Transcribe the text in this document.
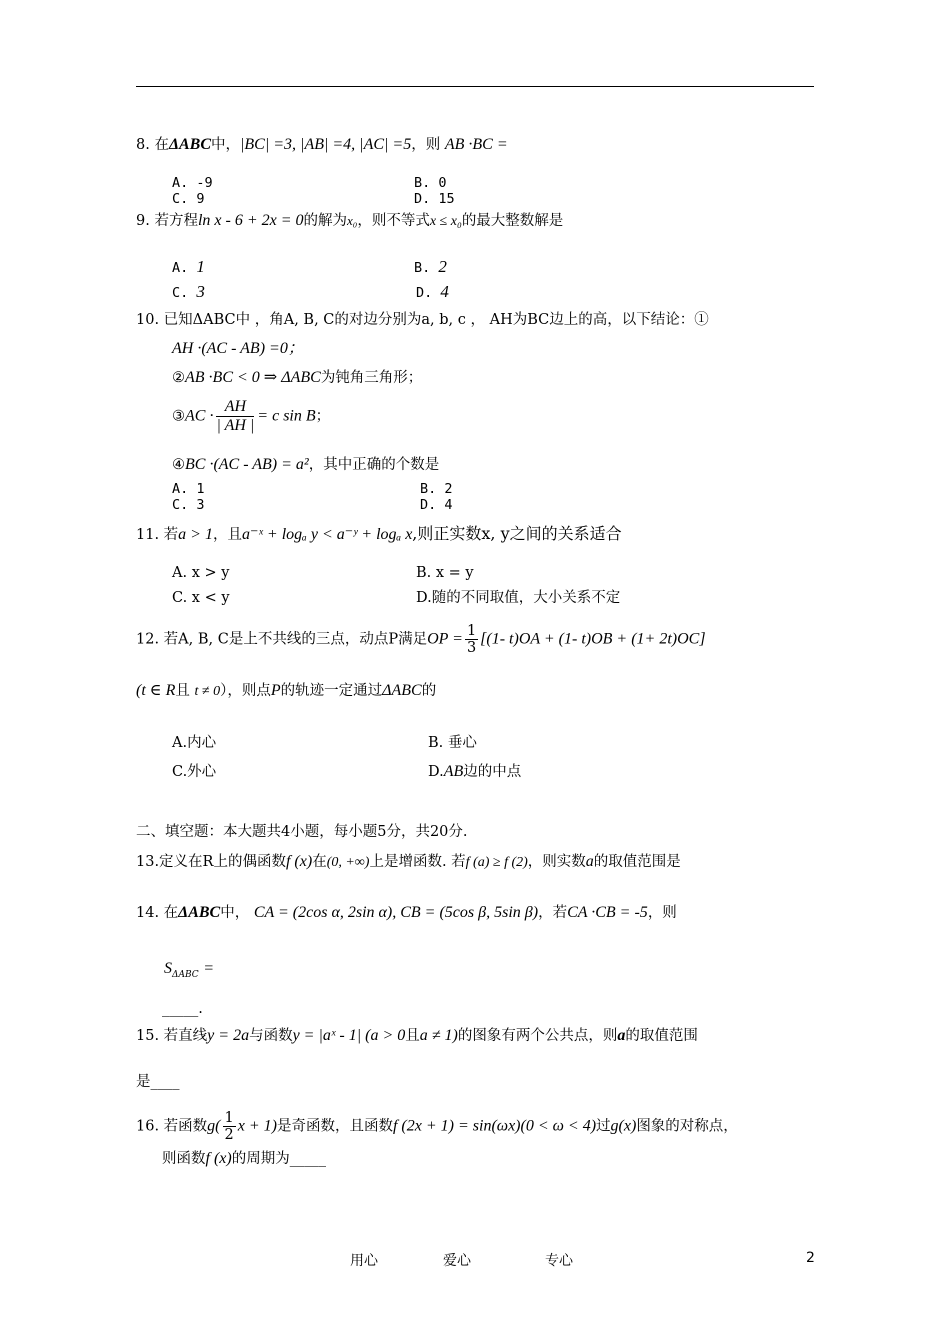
8. 在ΔABC中，|BC| =3, |AB| =4, |AC| =5，则 AB ·BC =
A. -9	B. 0
C. 9	D. 15
9. 若方程ln x - 6 + 2x = 0的解为x₀，则不等式x ≤ x₀的最大整数解是
A. 1	B. 2
C. 3	D. 4
10. 已知ΔABC中 ，角A, B, C的对边分别为a, b, c ， AH为BC边上的高，以下结论：①
AH ·(AC - AB) =0；
②AB ·BC < 0 ⇒ ΔABC为钝角三角形；
③AC · $\frac{AH}{| AH |} = c$ sin B；
④BC ·(AC - AB) = a²，其中正确的个数是
A. 1	B. 2
C. 3	D. 4
11. 若a > 1，且a⁻ˣ + logₐ y < a⁻ʸ + logₐ x,则正实数x, y之间的关系适合
A. x > y	B. x = y
C. x < y	D.随的不同取值，大小关系不定
12. 若A, B, C是上不共线的三点，动点P满足OP = $\frac{1}{3} [(1-$ t)OA + (1- t)OB + (1+ 2t)OC]
(t ∈ R且 t ≠ 0），则点P的轨迹一定通过ΔABC的
A.内心	B. 垂心
C.外心	D.AB边的中点
二、填空题：本大题共4小题，每小题5分，共20分.
13.定义在R上的偶函数f (x)在(0, +∞)上是增函数. 若f (a) ≥ f (2)，则实数a的取值范围是
14. 在ΔABC中， CA = (2cos α, 2sin α), CB = (5cos β, 5sin β)，若CA ·CB = -5，则
$S_{\Delta ABC}$ =
_____.
15. 若直线y = 2a与函数y = |aˣ - 1| (a > 0且a ≠ 1)的图象有两个公共点，则a的取值范围
是____
16. 若函数$g( \frac{1}{2}$ x + 1)是奇函数，且函数f (2x + 1) = sin(ωx)(0 < ω < 4)过g(x)图象的对称点，
则函数f (x)的周期为_____
用心	爱心	专心	2
